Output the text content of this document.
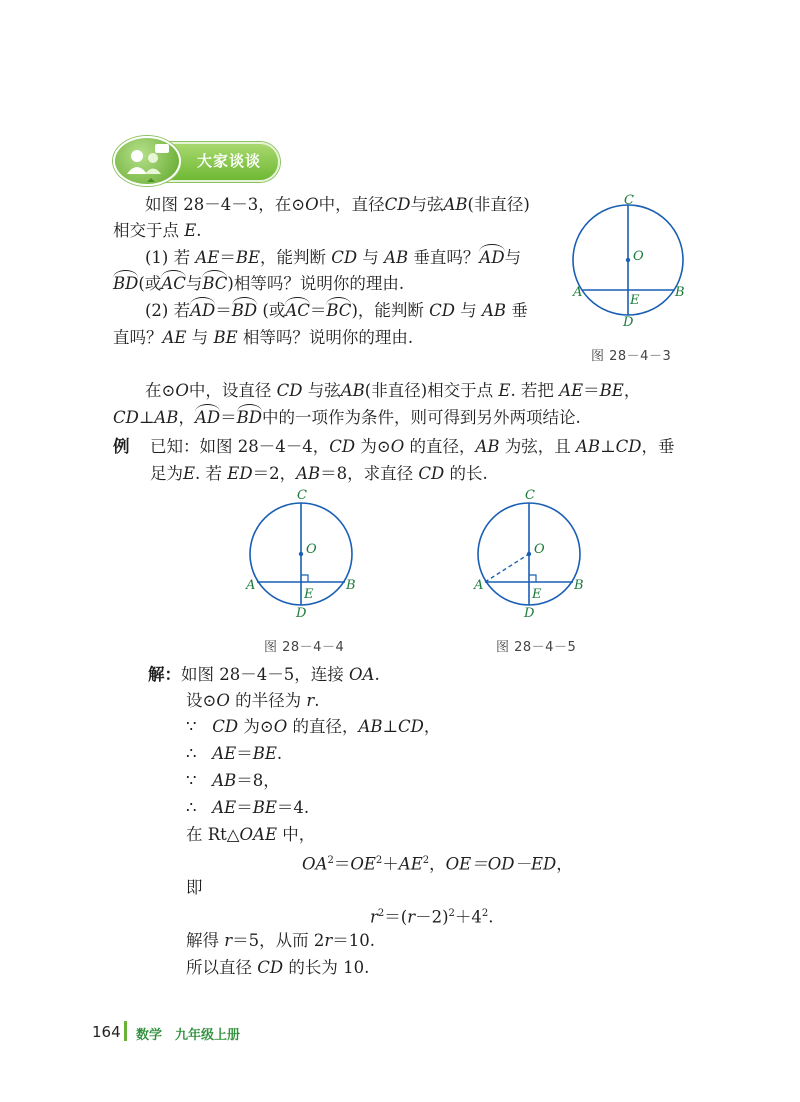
大家谈谈
如图 28－4－3，在⊙O中，直径CD与弦AB(非直径)
相交于点 E.
(1) 若 AE＝BE，能判断 CD 与 AB 垂直吗？AD与
BD(或AC与BC)相等吗？说明你的理由.
(2) 若AD＝BD (或AC＝BC)，能判断 CD 与 AB 垂
直吗？AE 与 BE 相等吗？说明你的理由.
C
O
A	B
E
D
图 28－4－3
在⊙O中，设直径 CD 与弦AB(非直径)相交于点 E. 若把 AE＝BE，
CD⊥AB，AD＝BD中的一项作为条件，则可得到另外两项结论.
例 已知：如图 28－4－4，CD 为⊙O 的直径，AB 为弦，且 AB⊥CD，垂
足为E. 若 ED＝2，AB＝8，求直径 CD 的长.
C
O
A	B
E
D
图 28－4－4
C
O
A	B
E
D
图 28－4－5
解：如图 28－4－5，连接 OA.
设⊙O 的半径为 r.
∵ CD 为⊙O 的直径，AB⊥CD，
∴ AE＝BE.
∵ AB＝8，
∴ AE＝BE＝4.
在 Rt△OAE 中，
$OA^2=OE^2+AE^2$，OE＝OD－ED，
即
$r^2=(r-2)^2+4^2$.
解得 r＝5，从而 2r＝10.
所以直径 CD 的长为 10.
164 数学　九年级上册
